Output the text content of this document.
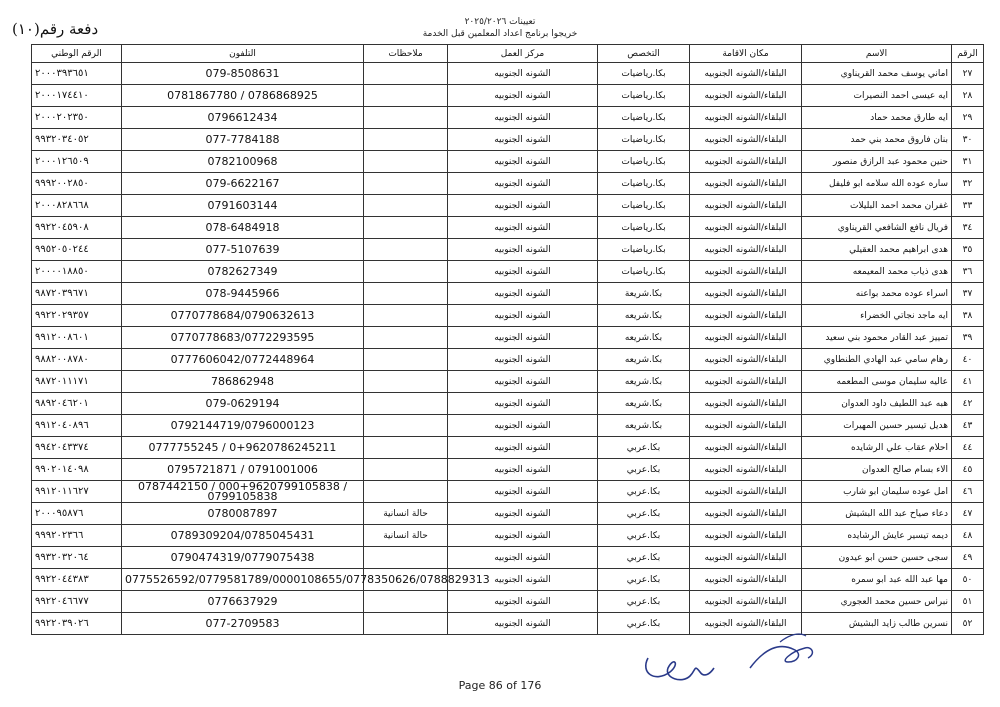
تعيينات ٢٠٢٥/٢٠٢٦
خريجوا برنامج اعداد المعلمين قبل الخدمة
دفعة رقم(١٠)
الرقم	الاسم	مكان الاقامة	التخصص	مركز العمل	ملاحظات	التلفون	الرقم الوطني
٢٧	اماني يوسف محمد القريناوي	البلقاء/الشونه الجنوبيه	بكا.رياضيات	الشونه الجنوبيه		079-8508631	٢٠٠٠٣٩٣٦٥١
٢٨	ايه عيسى احمد النصيرات	البلقاء/الشونه الجنوبيه	بكا.رياضيات	الشونه الجنوبيه		0781867780 / 0786868925	٢٠٠٠١٧٤٤١٠
٢٩	ايه طارق محمد حماد	البلقاء/الشونه الجنوبيه	بكا.رياضيات	الشونه الجنوبيه		0796612434	٢٠٠٠٢٠٢٣٥٠
٣٠	بنان فاروق محمد بني حمد	البلقاء/الشونه الجنوبيه	بكا.رياضيات	الشونه الجنوبيه		077-7784188	٩٩٣٢٠٣٤٠٥٢
٣١	حنين محمود عبد الرازق منصور	البلقاء/الشونه الجنوبيه	بكا.رياضيات	الشونه الجنوبيه		0782100968	٢٠٠٠١٢٦٥٠٩
٣٢	ساره عوده الله سلامه ابو فليفل	البلقاء/الشونه الجنوبيه	بكا.رياضيات	الشونه الجنوبيه		079-6622167	٩٩٩٢٠٠٢٨٥٠
٣٣	غفران محمد احمد البليلات	البلقاء/الشونه الجنوبيه	بكا.رياضيات	الشونه الجنوبيه		0791603144	٢٠٠٠٨٢٨٦٦٨
٣٤	فريال نافع الشافعي القريناوي	البلقاء/الشونه الجنوبيه	بكا.رياضيات	الشونه الجنوبيه		078-6484918	٩٩٢٢٠٤٥٩٠٨
٣٥	هدى ابراهيم محمد العقيلي	البلقاء/الشونه الجنوبيه	بكا.رياضيات	الشونه الجنوبيه		077-5107639	٩٩٥٢٠٥٠٢٤٤
٣٦	هدى ذياب محمد المعيمعه	البلقاء/الشونه الجنوبيه	بكا.رياضيات	الشونه الجنوبيه		0782627349	٢٠٠٠٠١٨٨٥٠
٣٧	اسراء عوده محمد بواعنه	البلقاء/الشونه الجنوبيه	بكا.شريعة	الشونه الجنوبيه		078-9445966	٩٨٧٢٠٣٩٦٧١
٣٨	ايه ماجد نجاتي الخضراء	البلقاء/الشونه الجنوبيه	بكا.شريعه	الشونه الجنوبيه		0770778684/0790632613	٩٩٢٢٠٢٩٣٥٧
٣٩	تمييز عبد القادر محمود بني سعيد	البلقاء/الشونه الجنوبيه	بكا.شريعه	الشونه الجنوبيه		0770778683/0772293595	٩٩١٢٠٠٨٦٠١
٤٠	رهام سامي عبد الهادي الطنطاوي	البلقاء/الشونه الجنوبيه	بكا.شريعه	الشونه الجنوبيه		0777606042/0772448964	٩٨٨٢٠٠٨٧٨٠
٤١	عاليه سليمان موسى المطعمه	البلقاء/الشونه الجنوبيه	بكا.شريعه	الشونه الجنوبيه		786862948	٩٨٧٢٠١١١٧١
٤٢	هبه عبد اللطيف داود العدوان	البلقاء/الشونه الجنوبيه	بكا.شريعه	الشونه الجنوبيه		079-0629194	٩٨٩٢٠٤٦٢٠١
٤٣	هديل تيسير حسين المهيرات	البلقاء/الشونه الجنوبيه	بكا.شريعه	الشونه الجنوبيه		0792144719/0796000123	٩٩١٢٠٤٠٨٩٦
٤٤	احلام عقاب علي الرشايده	البلقاء/الشونه الجنوبيه	بكا.عربي	الشونه الجنوبيه		0777755245 / 0+9620786245211	٩٩٤٢٠٤٣٣٧٤
٤٥	الاء بسام صالح العدوان	البلقاء/الشونه الجنوبيه	بكا.عربي	الشونه الجنوبيه		0795721871 / 0791001006	٩٩٠٢٠١٤٠٩٨
٤٦	امل عوده سليمان ابو شارب	البلقاء/الشونه الجنوبيه	بكا.عربي	الشونه الجنوبيه		0787442150 / 000+9620799105838 / 0799105838	٩٩١٢٠١١٦٢٧
٤٧	دعاء صياح عبد الله البشيش	البلقاء/الشونه الجنوبيه	بكا.عربي	الشونه الجنوبيه	حالة انسانية	0780087897	٢٠٠٠٩٥٨٧٦
٤٨	ديمه تيسير عايش الرشايده	البلقاء/الشونه الجنوبيه	بكا.عربي	الشونه الجنوبيه	حالة انسانية	0789309204/0785045431	٩٩٩٢٠٢٣٦٦
٤٩	سجى حسين حسن ابو عيدون	البلقاء/الشونه الجنوبيه	بكا.عربي	الشونه الجنوبيه		0790474319/0779075438	٩٩٣٢٠٣٢٠٦٤
٥٠	مها عبد الله عبد ابو سمره	البلقاء/الشونه الجنوبيه	بكا.عربي	الشونه الجنوبيه		0775526592/0779581789/0000108655/0778350626/0788829313	٩٩٢٢٠٤٤٣٨٣
٥١	نبراس حسين محمد العجوري	البلقاء/الشونه الجنوبيه	بكا.عربي	الشونه الجنوبيه		0776637929	٩٩٢٢٠٤٦٦٧٧
٥٢	نسرين طالب زايد البشيش	البلقاء/الشونه الجنوبيه	بكا.عربي	الشونه الجنوبيه		077-2709583	٩٩٢٢٠٣٩٠٢٦
Page 86 of 176
